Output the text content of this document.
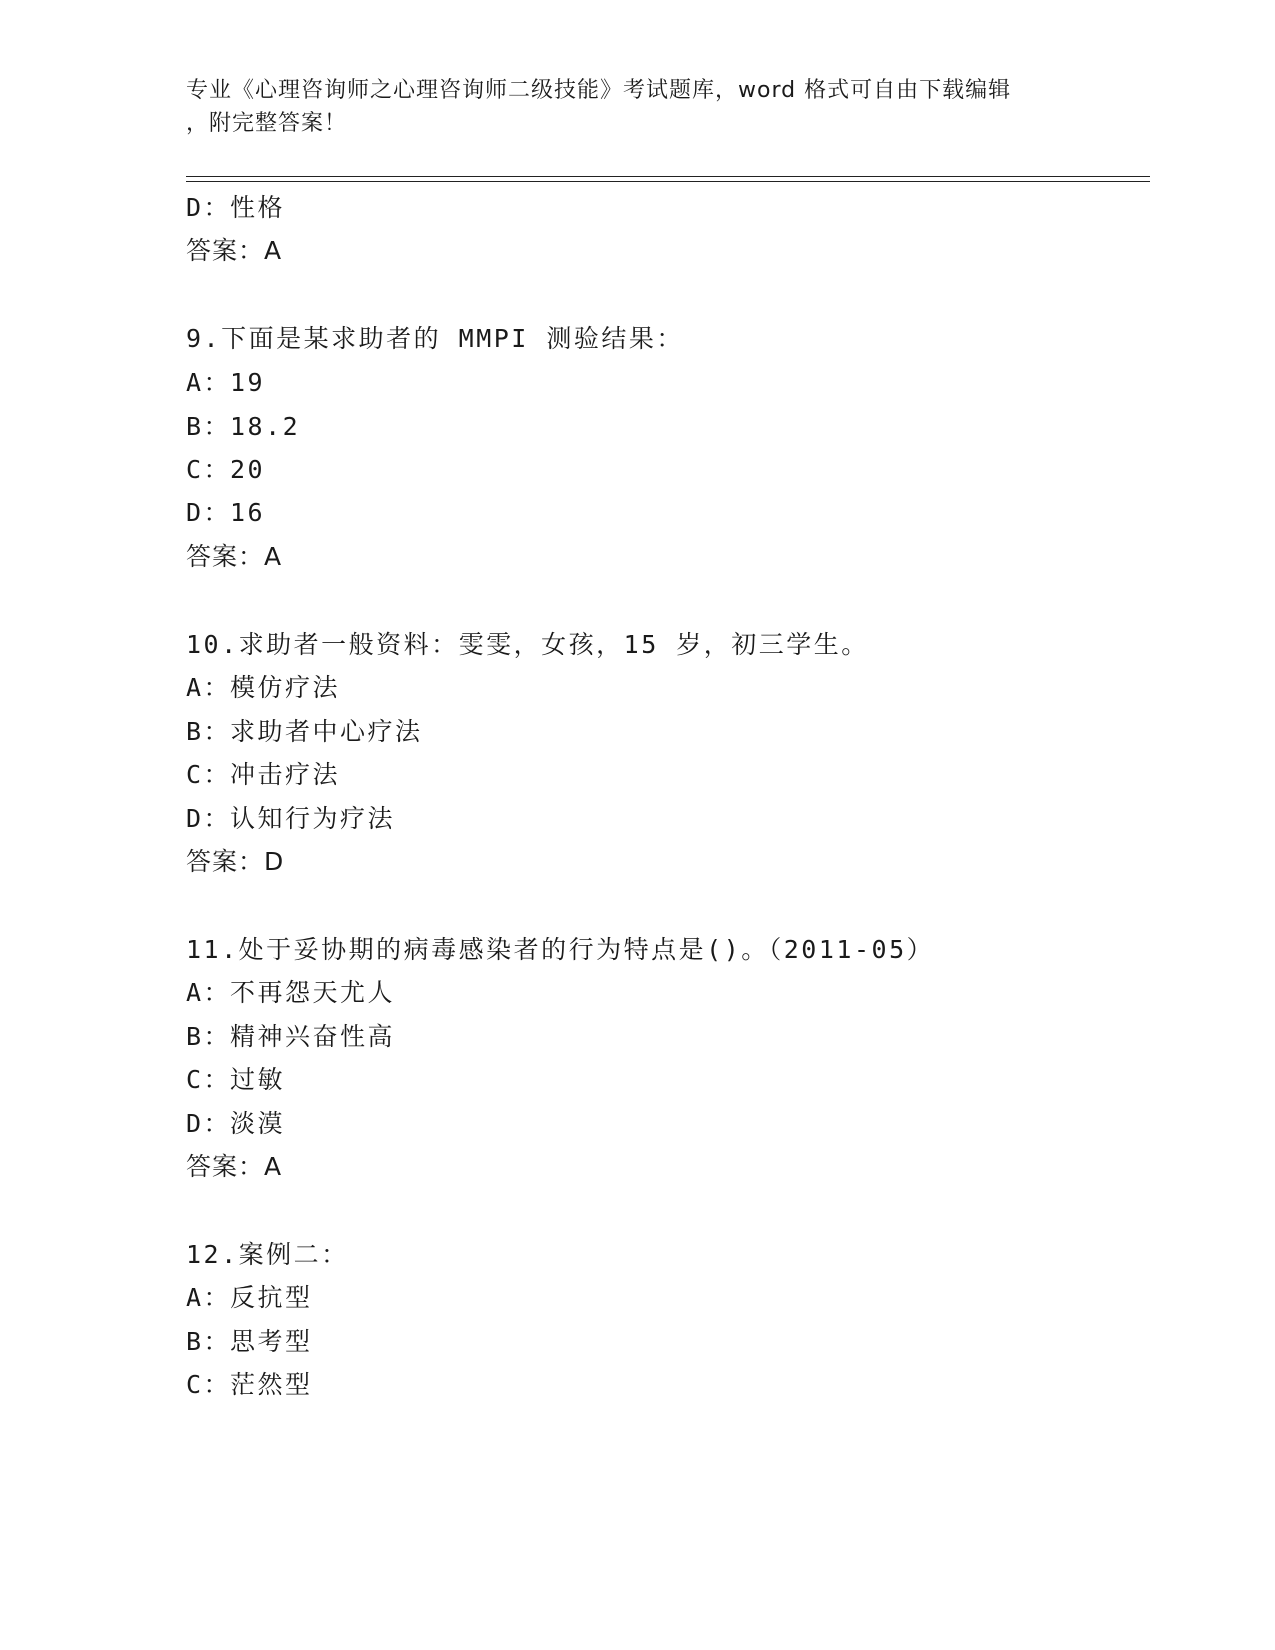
专业《心理咨询师之心理咨询师二级技能》考试题库，word 格式可自由下载编辑
，附完整答案！
D：性格
答案：A
9.下面是某求助者的 MMPI 测验结果：
A：19
B：18.2
C：20
D：16
答案：A
10.求助者一般资料：雯雯，女孩，15 岁，初三学生。
A：模仿疗法
B：求助者中心疗法
C：冲击疗法
D：认知行为疗法
答案：D
11.处于妥协期的病毒感染者的行为特点是()。（2011-05）
A：不再怨天尤人
B：精神兴奋性高
C：过敏
D：淡漠
答案：A
12.案例二：
A：反抗型
B：思考型
C：茫然型
